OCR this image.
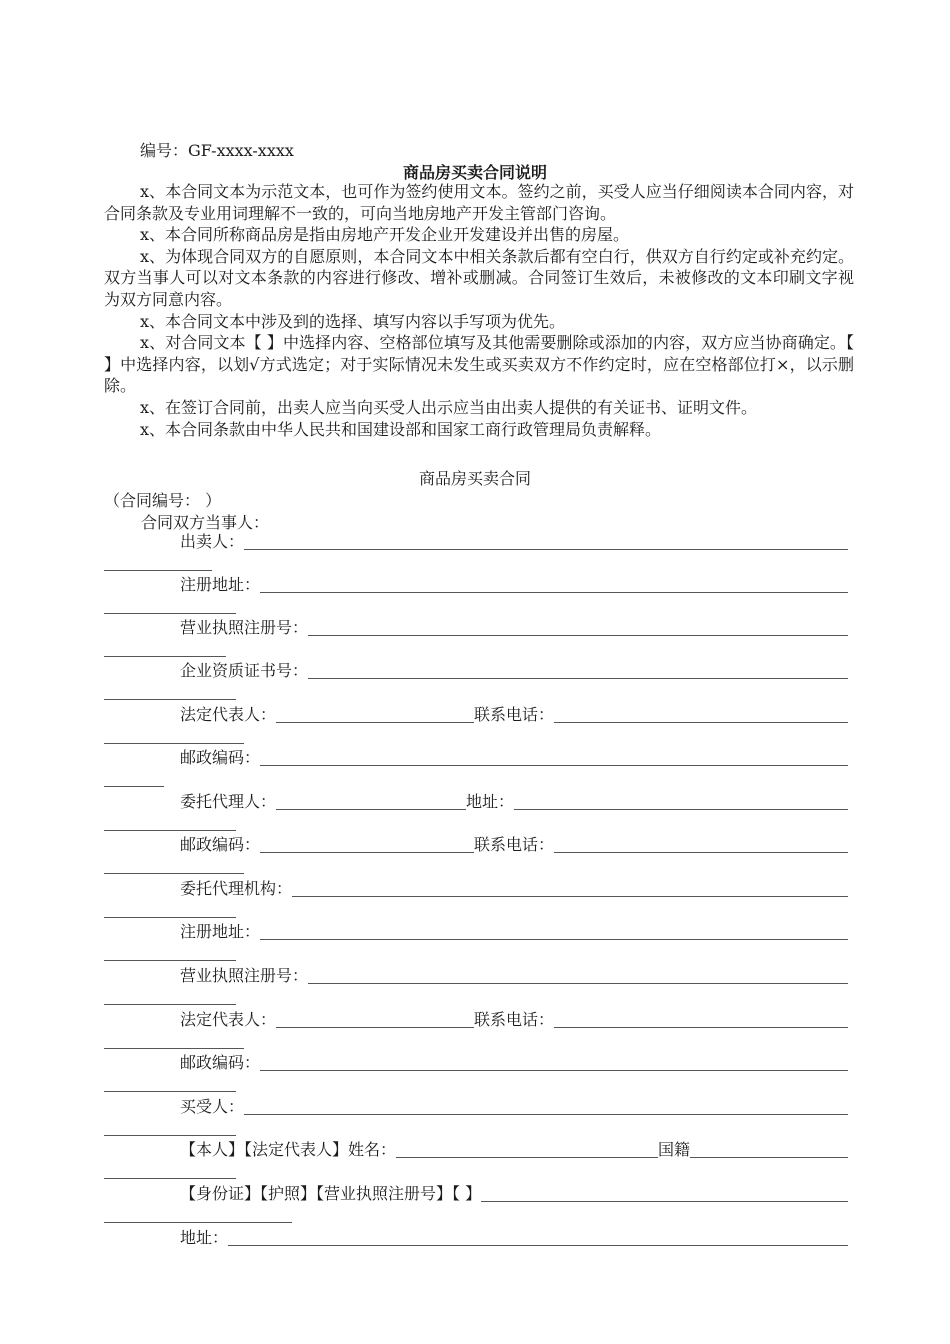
编号：GF-xxxx-xxxx
商品房买卖合同说明

x、本合同文本为示范文本，也可作为签约使用文本。签约之前，买受人应当仔细阅读本合同内容，对合同条款及专业用词理解不一致的，可向当地房地产开发主管部门咨询。

x、本合同所称商品房是指由房地产开发企业开发建设并出售的房屋。

x、为体现合同双方的自愿原则，本合同文本中相关条款后都有空白行，供双方自行约定或补充约定。双方当事人可以对文本条款的内容进行修改、增补或删减。合同签订生效后，未被修改的文本印刷文字视为双方同意内容。

x、本合同文本中涉及到的选择、填写内容以手写项为优先。

x、对合同文本【 】中选择内容、空格部位填写及其他需要删除或添加的内容，双方应当协商确定。【 】中选择内容，以划√方式选定；对于实际情况未发生或买卖双方不作约定时，应在空格部位打×，以示删除。

x、在签订合同前，出卖人应当向买受人出示应当由出卖人提供的有关证书、证明文件。

x、本合同条款由中华人民共和国建设部和国家工商行政管理局负责解释。

商品房买卖合同
（合同编号： ）
合同双方当事人：
出卖人：
注册地址：
营业执照注册号：
企业资质证书号：
法定代表人：	联系电话：
邮政编码：
委托代理人：	地址：
邮政编码：	联系电话：
委托代理机构：
注册地址：
营业执照注册号：
法定代表人：	联系电话：
邮政编码：
买受人：
【本人】【法定代表人】姓名：	国籍
【身份证】【护照】【营业执照注册号】【 】
地址：
